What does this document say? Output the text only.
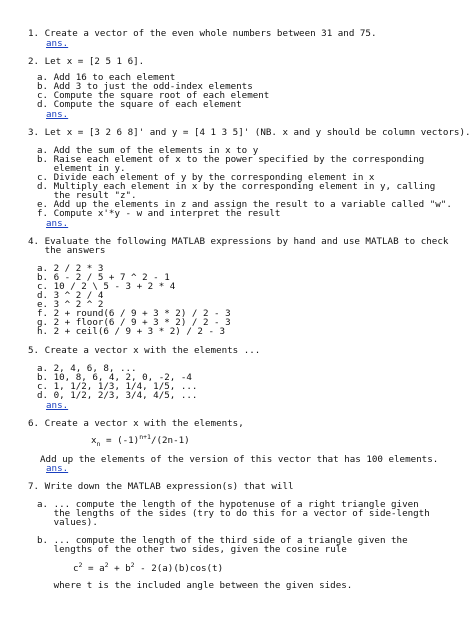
1. Create a vector of the even whole numbers between 31 and 75.
ans.
2. Let x = [2 5 1 6].
a. Add 16 to each element
b. Add 3 to just the odd-index elements
c. Compute the square root of each element
d. Compute the square of each element
ans.
3. Let x = [3 2 6 8]' and y = [4 1 3 5]' (NB. x and y should be column vectors).
a. Add the sum of the elements in x to y
b. Raise each element of x to the power specified by the corresponding
element in y.
c. Divide each element of y by the corresponding element in x
d. Multiply each element in x by the corresponding element in y, calling
the result "z".
e. Add up the elements in z and assign the result to a variable called "w".
f. Compute x'*y - w and interpret the result
ans.
4. Evaluate the following MATLAB expressions by hand and use MATLAB to check
the answers
a. 2 / 2 * 3
b. 6 - 2 / 5 + 7 ^ 2 - 1
c. 10 / 2 \ 5 - 3 + 2 * 4
d. 3 ^ 2 / 4
e. 3 ^ 2 ^ 2
f. 2 + round(6 / 9 + 3 * 2) / 2 - 3
g. 2 + floor(6 / 9 + 3 * 2) / 2 - 3
h. 2 + ceil(6 / 9 + 3 * 2) / 2 - 3
5. Create a vector x with the elements ...
a. 2, 4, 6, 8, ...
b. 10, 8, 6, 4, 2, 0, -2, -4
c. 1, 1/2, 1/3, 1/4, 1/5, ...
d. 0, 1/2, 2/3, 3/4, 4/5, ...
ans.
6. Create a vector x with the elements,
$x_n = (-1)^{n+1}/(2n-1)$
Add up the elements of the version of this vector that has 100 elements.
ans.
7. Write down the MATLAB expression(s) that will
a. ... compute the length of the hypotenuse of a right triangle given
the lengths of the sides (try to do this for a vector of side-length
values).
b. ... compute the length of the third side of a triangle given the
lengths of the other two sides, given the cosine rule
$c^2 = a^2 + b^2 - 2(a)(b)\cos(t)$
where t is the included angle between the given sides.
